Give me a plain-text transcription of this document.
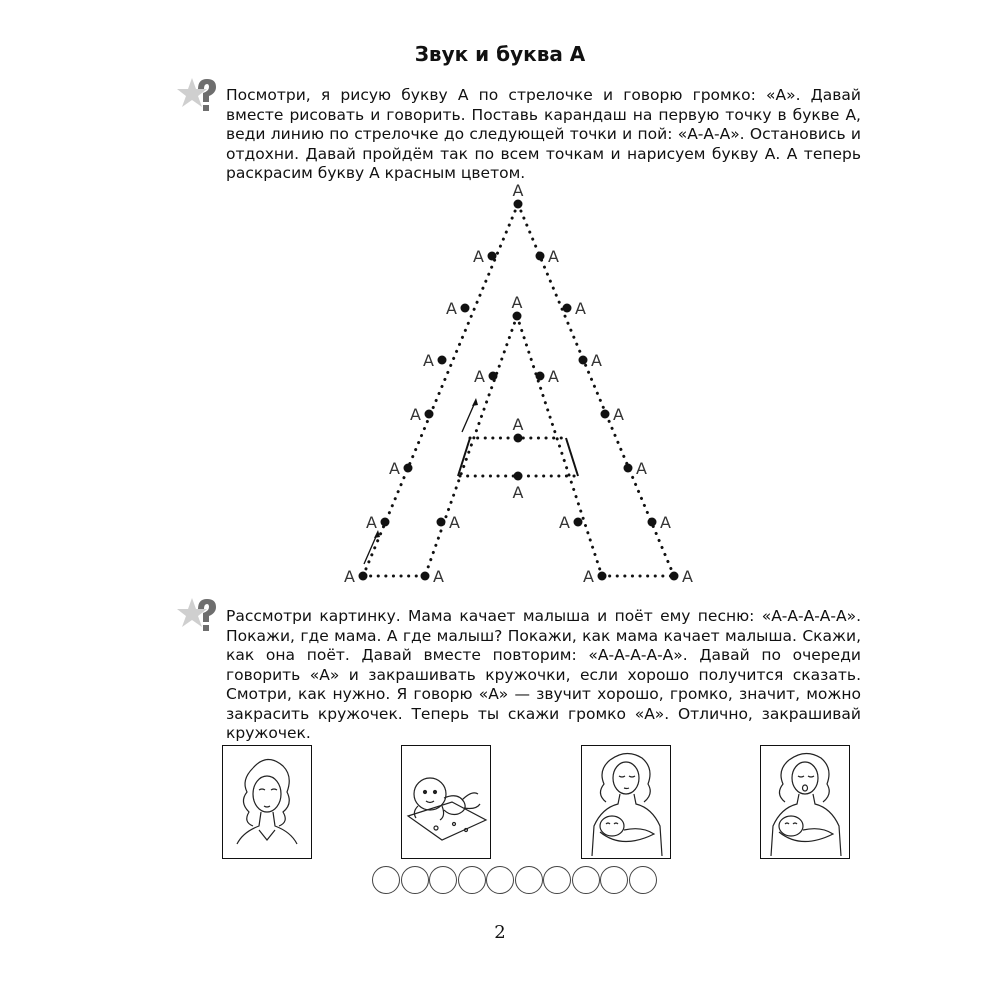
Звук и буква А
Посмотри, я рисую букву А по стрелочке и говорю громко: «А». Давай вместе рисовать и говорить. Поставь карандаш на первую точку в букве А, веди линию по стрелочке до следующей точки и пой: «А-А-А». Остановись и отдохни. Давай пройдём так по всем точкам и нарисуем букву А. А теперь раскрасим букву А красным цветом.
А
А	А
А	А
А	А
А	А
А	А
А	А
А	А	А	А
А
А	А
А	А
А
А
Рассмотри картинку. Мама качает малыша и поёт ему песню: «А-А-А-А-А». Покажи, где мама. А где малыш? Покажи, как мама качает малыша. Скажи, как она поёт. Давай вместе повторим: «А-А-А-А-А». Давай по очереди говорить «А» и закрашивать кружочки, если хорошо получится сказать. Смотри, как нужно. Я говорю «А» — звучит хорошо, громко, значит, можно закрасить кружочек. Теперь ты скажи громко «А». Отлично, закрашивай кружочек.
2
